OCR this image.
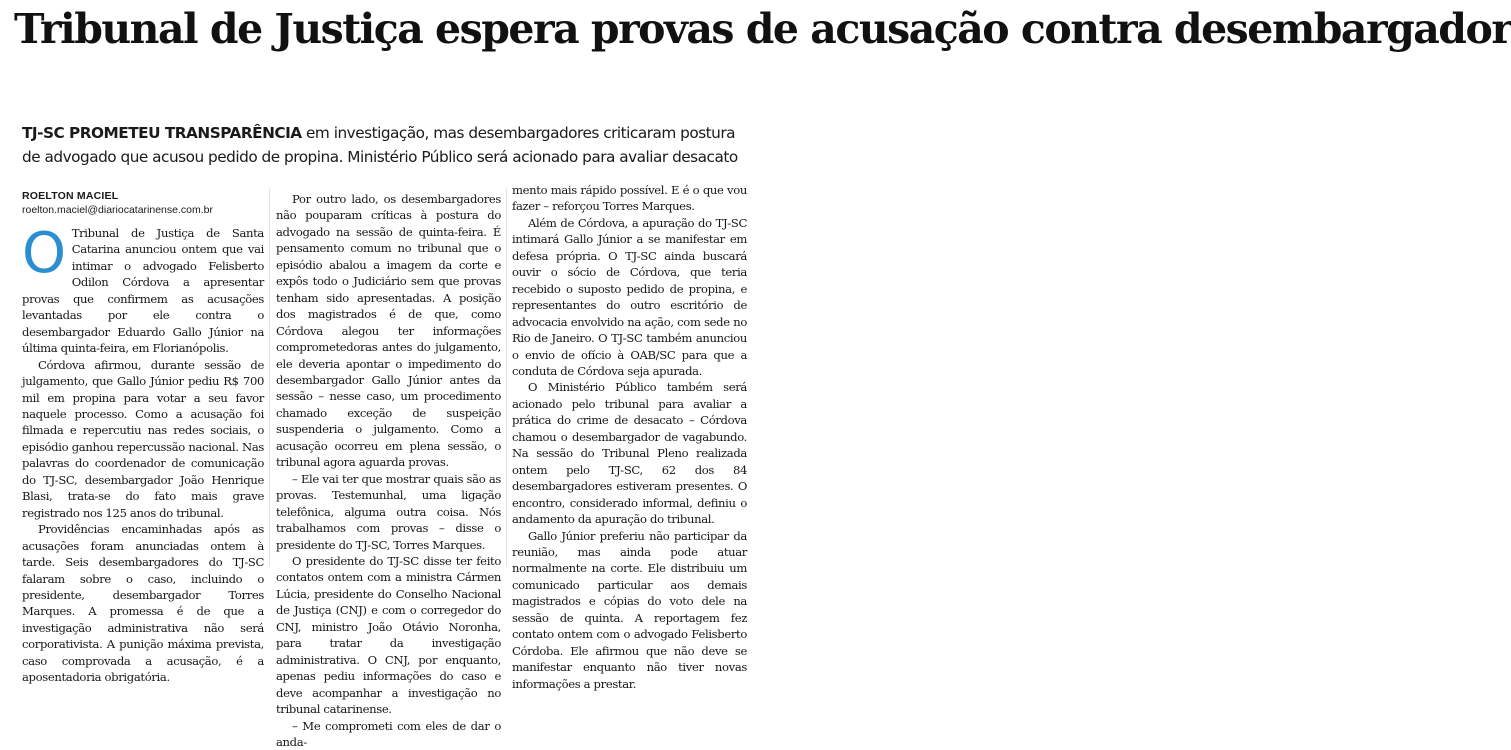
Tribunal de Justiça espera provas de acusação contra desembargador

TJ-SC PROMETEU TRANSPARÊNCIA em investigação, mas desembargadores criticaram postura de advogado que acusou pedido de propina. Ministério Público será acionado para avaliar desacato

ROELTON MACIEL
roelton.maciel@diariocatarinense.com.br

O Tribunal de Justiça de Santa Catarina anunciou ontem que vai intimar o advogado Felisberto Odilon Córdova a apresentar provas que confirmem as acusações levantadas por ele contra o desembargador Eduardo Gallo Júnior na última quinta-feira, em Florianópolis.

Córdova afirmou, durante sessão de julgamento, que Gallo Júnior pediu R$ 700 mil em propina para votar a seu favor naquele processo. Como a acusação foi filmada e repercutiu nas redes sociais, o episódio ganhou repercussão nacional. Nas palavras do coordenador de comunicação do TJ-SC, desembargador João Henrique Blasi, trata-se do fato mais grave registrado nos 125 anos do tribunal.

Providências encaminhadas após as acusações foram anunciadas ontem à tarde. Seis desembargadores do TJ-SC falaram sobre o caso, incluindo o presidente, desembargador Torres Marques. A promessa é de que a investigação administrativa não será corporativista. A punição máxima prevista, caso comprovada a acusação, é a aposentadoria obrigatória.

Por outro lado, os desembargadores não pouparam críticas à postura do advogado na sessão de quinta-feira. É pensamento comum no tribunal que o episódio abalou a imagem da corte e expôs todo o Judiciário sem que provas tenham sido apresentadas. A posição dos magistrados é de que, como Córdova alegou ter informações comprometedoras antes do julgamento, ele deveria apontar o impedimento do desembargador Gallo Júnior antes da sessão – nesse caso, um procedimento chamado exceção de suspeição suspenderia o julgamento. Como a acusação ocorreu em plena sessão, o tribunal agora aguarda provas.

– Ele vai ter que mostrar quais são as provas. Testemunhal, uma ligação telefônica, alguma outra coisa. Nós trabalhamos com provas – disse o presidente do TJ-SC, Torres Marques.

O presidente do TJ-SC disse ter feito contatos ontem com a ministra Cármen Lúcia, presidente do Conselho Nacional de Justiça (CNJ) e com o corregedor do CNJ, ministro João Otávio Noronha, para tratar da investigação administrativa. O CNJ, por enquanto, apenas pediu informações do caso e deve acompanhar a investigação no tribunal catarinense.

– Me comprometi com eles de dar o anda-

mento mais rápido possível. E é o que vou fazer – reforçou Torres Marques.

Além de Córdova, a apuração do TJ-SC intimará Gallo Júnior a se manifestar em defesa própria. O TJ-SC ainda buscará ouvir o sócio de Córdova, que teria recebido o suposto pedido de propina, e representantes do outro escritório de advocacia envolvido na ação, com sede no Rio de Janeiro. O TJ-SC também anunciou o envio de ofício à OAB/SC para que a conduta de Córdova seja apurada.

O Ministério Público também será acionado pelo tribunal para avaliar a prática do crime de desacato – Córdova chamou o desembargador de vagabundo. Na sessão do Tribunal Pleno realizada ontem pelo TJ-SC, 62 dos 84 desembargadores estiveram presentes. O encontro, considerado informal, definiu o andamento da apuração do tribunal.

Gallo Júnior preferiu não participar da reunião, mas ainda pode atuar normalmente na corte. Ele distribuiu um comunicado particular aos demais magistrados e cópias do voto dele na sessão de quinta. A reportagem fez contato ontem com o advogado Felisberto Córdoba. Ele afirmou que não deve se manifestar enquanto não tiver novas informações a prestar.
